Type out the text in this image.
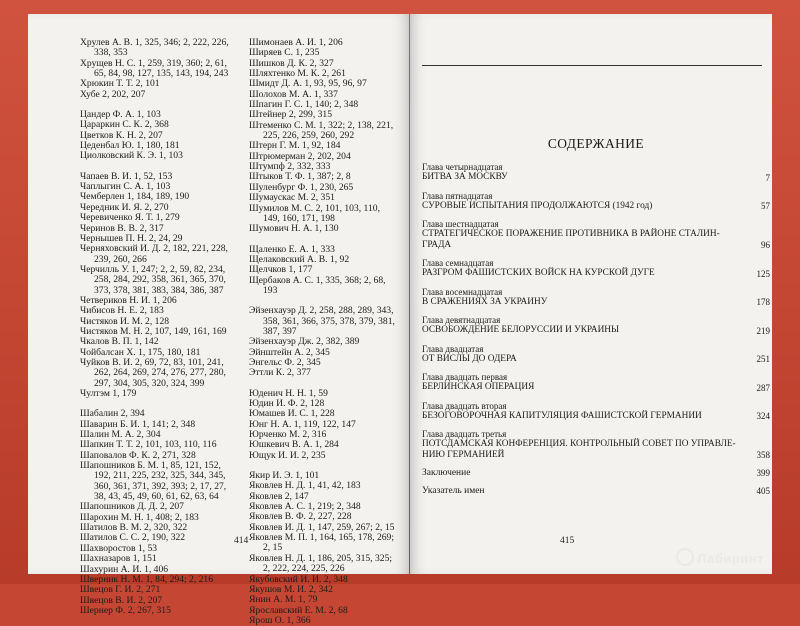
Хрулев А. В. 1, 325, 346; 2, 222, 226, 338, 353
Хрущев Н. С. 1, 259, 319, 360; 2, 61, 65, 84, 98, 127, 135, 143, 194, 243
Хрюкин Т. Т. 2, 101
Хубе 2, 202, 207
Цандер Ф. А. 1, 103
Цаpаpкин С. К. 2, 368
Цветков К. Н. 2, 207
Цеденбал Ю. 1, 180, 181
Циолковский К. Э. 1, 103
Чапаев В. И. 1, 52, 153
Чаплыгин С. А. 1, 103
Чемберлен 1, 184, 189, 190
Чередник И. Я. 2, 270
Черевиченко Я. Т. 1, 279
Черинов В. В. 2, 317
Чернышев П. Н. 2, 24, 29
Черняховский И. Д. 2, 182, 221, 228, 239, 260, 266
Черчилль У. 1, 247; 2, 2, 59, 82, 234, 258, 284, 292, 358, 361, 365, 370, 373, 378, 381, 383, 384, 386, 387
Четвериков Н. И. 1, 206
Чибисов Н. Е. 2, 183
Чистяков И. М. 2, 128
Чистяков М. Н. 2, 107, 149, 161, 169
Чкалов В. П. 1, 142
Чойбалсан Х. 1, 175, 180, 181
Чуйков В. И. 2, 69, 72, 83, 101, 241, 262, 264, 269, 274, 276, 277, 280, 297, 304, 305, 320, 324, 399
Чултэм 1, 179
Шабалин 2, 394
Шаварин Б. И. 1, 141; 2, 348
Шалин М. А. 2, 304
Шапкин Т. Т. 2, 101, 103, 110, 116
Шаповалов Ф. К. 2, 271, 328
Шапошников Б. М. 1, 85, 121, 152, 192, 211, 225, 232, 325, 344, 345, 360, 361, 371, 392, 393; 2, 17, 27, 38, 43, 45, 49, 60, 61, 62, 63, 64
Шапошников Д. Д. 2, 207
Шарохин М. Н. 1, 408; 2, 183
Шатилов В. М. 2, 320, 322
Шатилов С. С. 2, 190, 322
Шахворостов 1, 53
Шахназаров 1, 151
Шахурин А. И. 1, 406
Шверник Н. М. 1, 84, 294; 2, 216
Швецов Г. И. 2, 271
Швецов В. И. 2, 207
Шернер Ф. 2, 267, 315
Шимонаев А. И. 1, 206
Шиpяев С. 1, 235
Шишков Д. К. 2, 327
Шляхтенко М. К. 2, 261
Шмидт Д. А. 1, 93, 95, 96, 97
Шолохов М. А. 1, 337
Шпагин Г. С. 1, 140; 2, 348
Штейнер 2, 299, 315
Штеменко С. М. 1, 322; 2, 138, 221, 225, 226, 259, 260, 292
Штерн Г. М. 1, 92, 184
Штрюмерман 2, 202, 204
Штумпф 2, 332, 333
Штыков Т. Ф. 1, 387; 2, 8
Шуленбург Ф. 1, 230, 265
Шумаускас М. 2, 351
Шумилов М. С. 2, 101, 103, 110, 149, 160, 171, 198
Шумович Н. А. 1, 130
Щаленко Е. А. 1, 333
Щелаковский А. В. 1, 92
Щелчков 1, 177
Щербаков А. С. 1, 335, 368; 2, 68, 193
Эйзенхауэр Д. 2, 258, 288, 289, 343, 358, 361, 366, 375, 378, 379, 381, 387, 397
Эйзенхауэр Дж. 2, 382, 389
Эйнштейн А. 2, 345
Энгельс Ф. 2, 345
Эттли К. 2, 377
Юденич Н. Н. 1, 59
Юдин И. Ф. 2, 128
Юмашев И. С. 1, 228
Юнг Н. А. 1, 119, 122, 147
Юрченко М. 2, 316
Юшкевич В. А. 1, 284
Ющук И. И. 2, 235
Якир И. Э. 1, 101
Яковлев Н. Д. 1, 41, 42, 183
Яковлев 2, 147
Яковлев А. С. 1, 219; 2, 348
Яковлев В. Ф. 2, 227, 228
Яковлев И. Д. 1, 147, 259, 267; 2, 15
Яковлев М. П. 1, 164, 165, 178, 269; 2, 15
Яковлев Н. Д. 1, 186, 205, 315, 325; 2, 222, 224, 225, 226
Якубовский И. И. 2, 348
Якушов М. И. 2, 342
Янин А. М. 1, 79
Ярославский Е. М. 2, 68
Ярош О. 1, 366
414
СОДЕРЖАНИЕ
Глава четырнадцатая
БИТВА ЗА МОСКВУ	7
Глава пятнадцатая
СУРОВЫЕ ИСПЫТАНИЯ ПРОДОЛЖАЮТСЯ (1942 год)	57
Глава шестнадцатая
СТРАТЕГИЧЕСКОЕ ПОРАЖЕНИЕ ПРОТИВНИКА В РАЙОНЕ СТАЛИН-ГРАДА	96
Глава семнадцатая
РАЗГРОМ ФАШИСТСКИХ ВОЙСК НА КУРСКОЙ ДУГЕ	125
Глава восемнадцатая
В СРАЖЕНИЯХ ЗА УКРАИНУ	178
Глава девятнадцатая
ОСВОБОЖДЕНИЕ БЕЛОРУССИИ И УКРАИНЫ	219
Глава двадцатая
ОТ ВИСЛЫ ДО ОДЕРА	251
Глава двадцать первая
БЕРЛИНСКАЯ ОПЕРАЦИЯ	287
Глава двадцать вторая
БЕЗОГОВОРОЧНАЯ КАПИТУЛЯЦИЯ ФАШИСТСКОЙ ГЕРМАНИИ	324
Глава двадцать третья
ПОТСДАМСКАЯ КОНФЕРЕНЦИЯ. КОНТРОЛЬНЫЙ СОВЕТ ПО УПРАВЛЕ-НИЮ ГЕРМАНИЕЙ	358
Заключение	399
Указатель имен	405
415
Лабиринт
